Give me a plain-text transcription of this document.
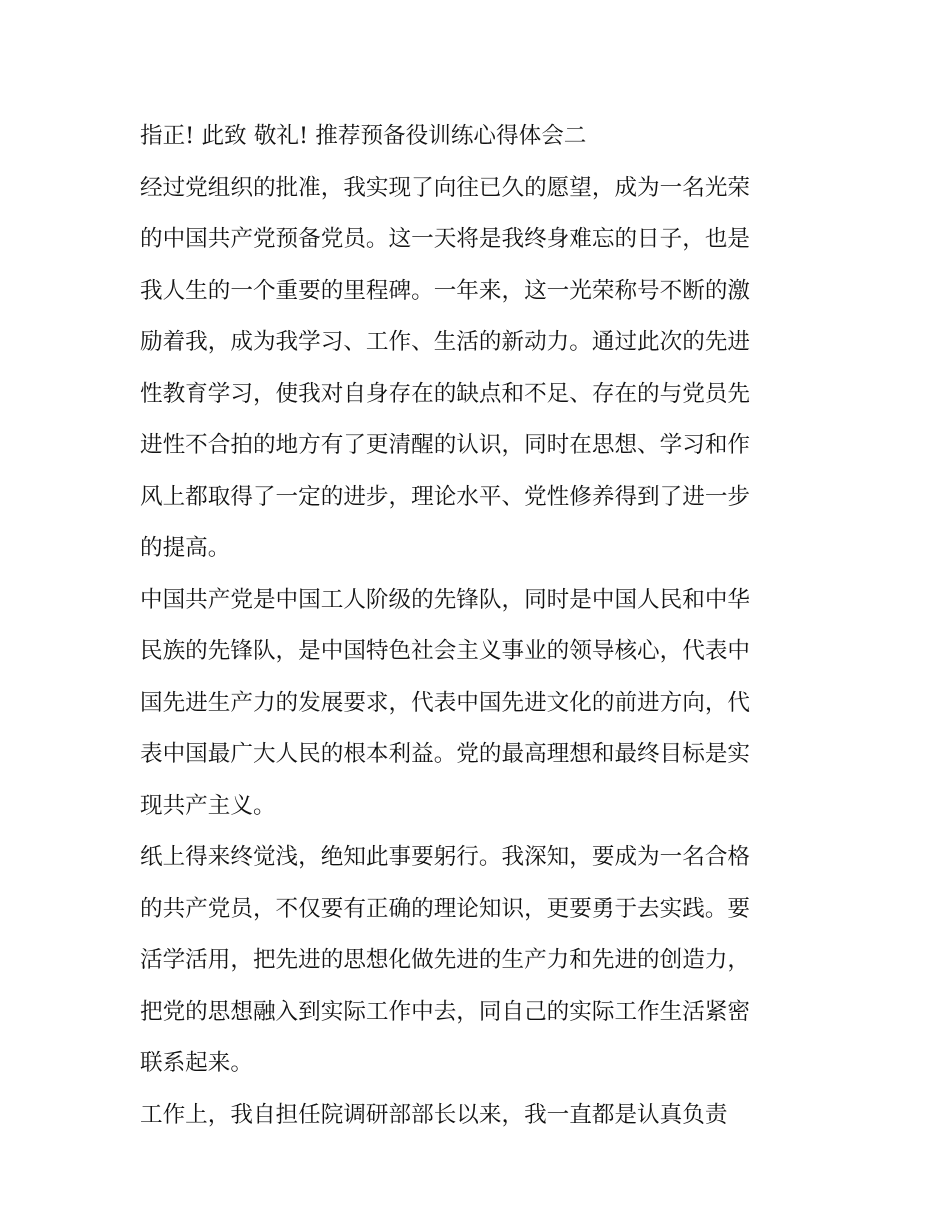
指正! 此致 敬礼! 推荐预备役训练心得体会二
经过党组织的批准，我实现了向往已久的愿望，成为一名光荣
的中国共产党预备党员。这一天将是我终身难忘的日子，也是
我人生的一个重要的里程碑。一年来，这一光荣称号不断的激
励着我，成为我学习、工作、生活的新动力。通过此次的先进
性教育学习，使我对自身存在的缺点和不足、存在的与党员先
进性不合拍的地方有了更清醒的认识，同时在思想、学习和作
风上都取得了一定的进步，理论水平、党性修养得到了进一步
的提高。
中国共产党是中国工人阶级的先锋队，同时是中国人民和中华
民族的先锋队，是中国特色社会主义事业的领导核心，代表中
国先进生产力的发展要求，代表中国先进文化的前进方向，代
表中国最广大人民的根本利益。党的最高理想和最终目标是实
现共产主义。
纸上得来终觉浅，绝知此事要躬行。我深知，要成为一名合格
的共产党员，不仅要有正确的理论知识，更要勇于去实践。要
活学活用，把先进的思想化做先进的生产力和先进的创造力，
把党的思想融入到实际工作中去，同自己的实际工作生活紧密
联系起来。
工作上，我自担任院调研部部长以来，我一直都是认真负责
